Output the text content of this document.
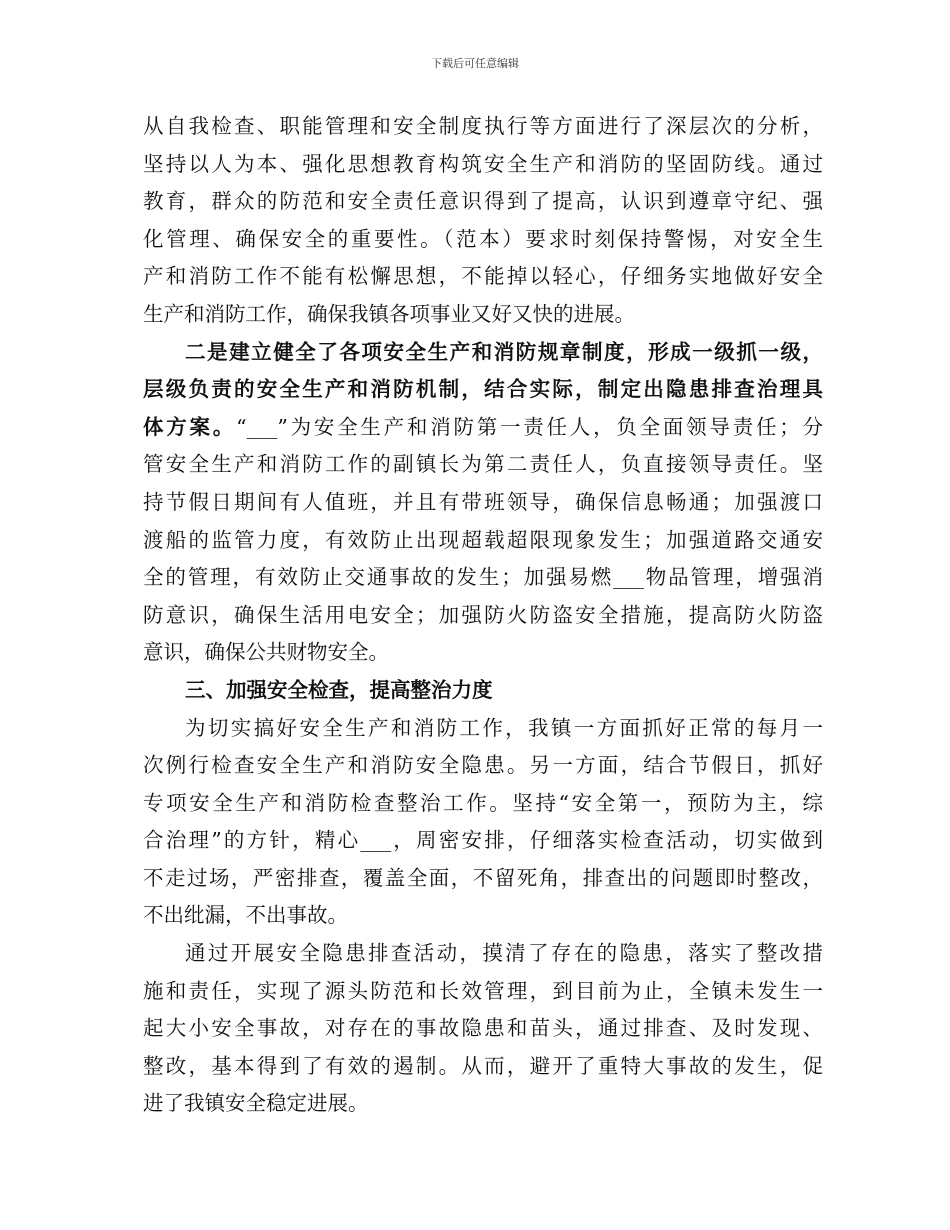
下载后可任意编辑
从自我检查、职能管理和安全制度执行等方面进行了深层次的分析，
坚持以人为本、强化思想教育构筑安全生产和消防的坚固防线。通过
教育，群众的防范和安全责任意识得到了提高，认识到遵章守纪、强
化管理、确保安全的重要性。（范本）要求时刻保持警惕，对安全生
产和消防工作不能有松懈思想，不能掉以轻心，仔细务实地做好安全
生产和消防工作，确保我镇各项事业又好又快的进展。
二是建立健全了各项安全生产和消防规章制度，形成一级抓一级，
层级负责的安全生产和消防机制，结合实际，制定出隐患排查治理具
体方案。“___”为安全生产和消防第一责任人，负全面领导责任；分
管安全生产和消防工作的副镇长为第二责任人，负直接领导责任。坚
持节假日期间有人值班，并且有带班领导，确保信息畅通；加强渡口
渡船的监管力度，有效防止出现超载超限现象发生；加强道路交通安
全的管理，有效防止交通事故的发生；加强易燃___物品管理，增强消
防意识，确保生活用电安全；加强防火防盗安全措施，提高防火防盗
意识，确保公共财物安全。
三、加强安全检查，提高整治力度
为切实搞好安全生产和消防工作，我镇一方面抓好正常的每月一
次例行检查安全生产和消防安全隐患。另一方面，结合节假日，抓好
专项安全生产和消防检查整治工作。坚持“安全第一，预防为主，综
合治理”的方针，精心___，周密安排，仔细落实检查活动，切实做到
不走过场，严密排查，覆盖全面，不留死角，排查出的问题即时整改，
不出纰漏，不出事故。
通过开展安全隐患排查活动，摸清了存在的隐患，落实了整改措
施和责任，实现了源头防范和长效管理，到目前为止，全镇未发生一
起大小安全事故，对存在的事故隐患和苗头，通过排查、及时发现、
整改，基本得到了有效的遏制。从而，避开了重特大事故的发生，促
进了我镇安全稳定进展。
